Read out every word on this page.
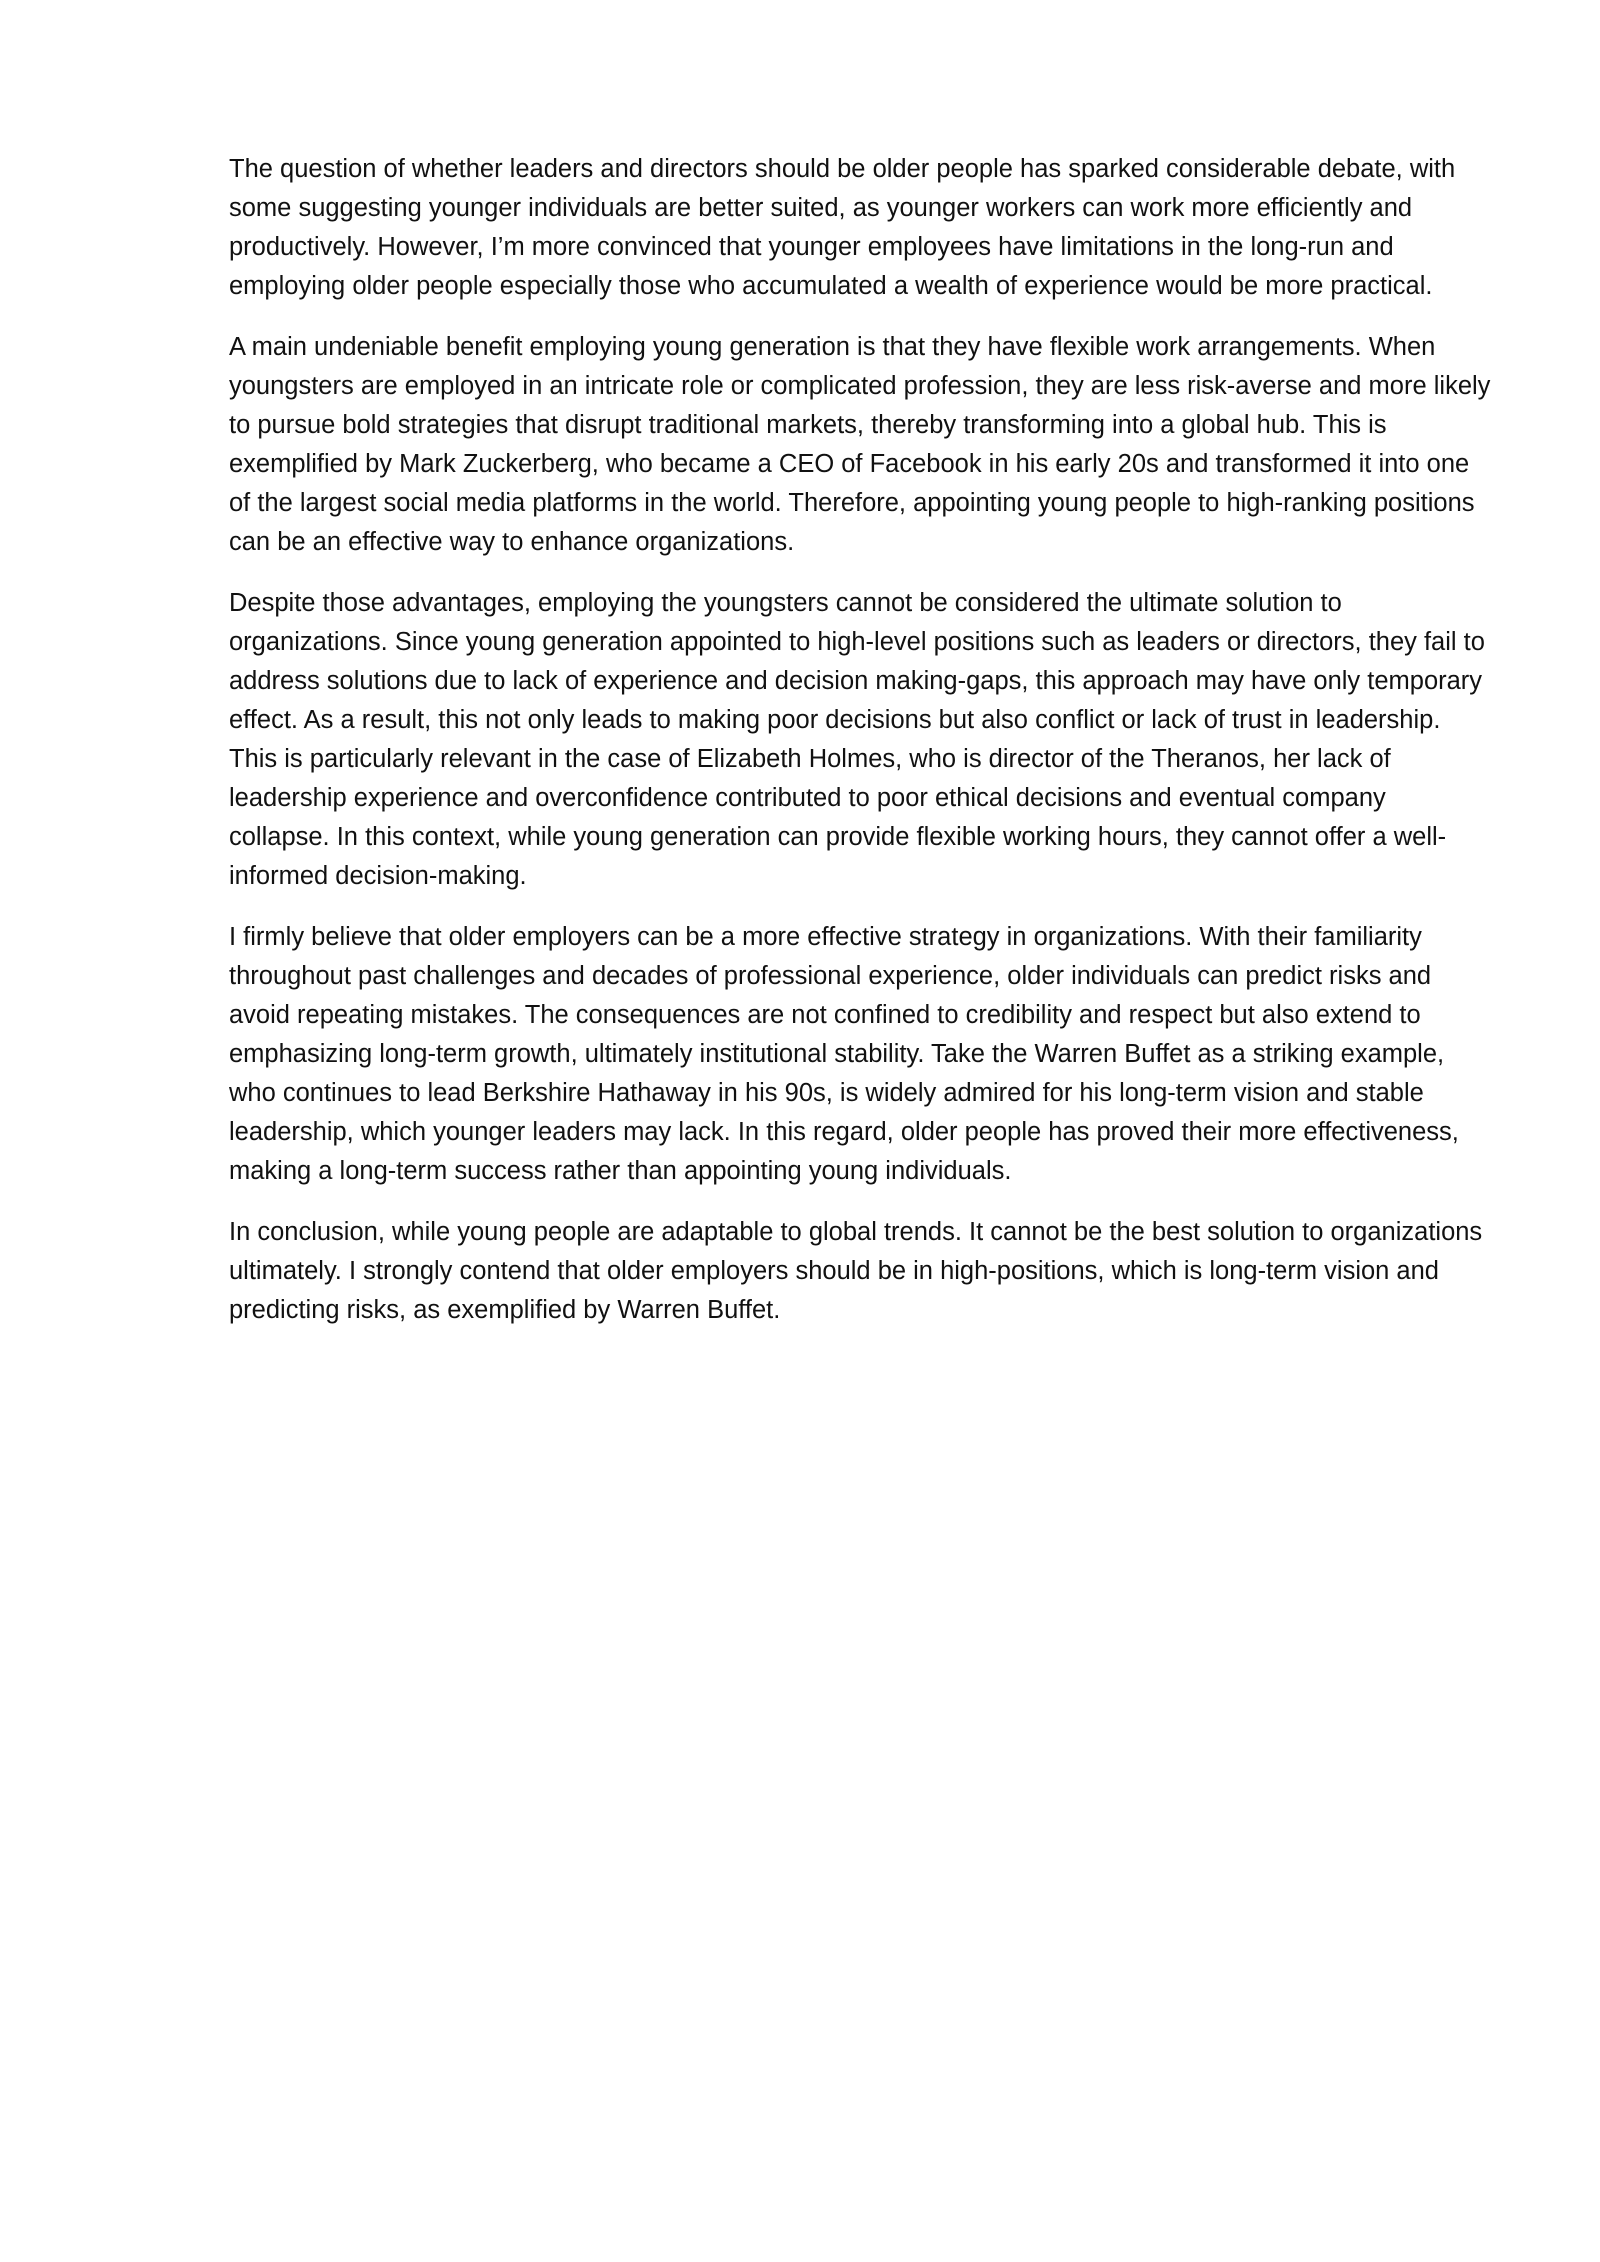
The question of whether leaders and directors should be older people has sparked considerable debate, with some suggesting younger individuals are better suited, as younger workers can work more efficiently and productively. However, I’m more convinced that younger employees have limitations in the long-run and employing older people especially those who accumulated a wealth of experience would be more practical.

A main undeniable benefit employing young generation is that they have flexible work arrangements. When youngsters are employed in an intricate role or complicated profession, they are less risk-averse and more likely to pursue bold strategies that disrupt traditional markets, thereby transforming into a global hub. This is exemplified by Mark Zuckerberg, who became a CEO of Facebook in his early 20s and transformed it into one of the largest social media platforms in the world. Therefore, appointing young people to high-ranking positions can be an effective way to enhance organizations.

Despite those advantages, employing the youngsters cannot be considered the ultimate solution to organizations. Since young generation appointed to high-level positions such as leaders or directors, they fail to address solutions due to lack of experience and decision making-gaps, this approach may have only temporary effect. As a result, this not only leads to making poor decisions but also conflict or lack of trust in leadership. This is particularly relevant in the case of Elizabeth Holmes, who is director of the Theranos, her lack of leadership experience and overconfidence contributed to poor ethical decisions and eventual company collapse. In this context, while young generation can provide flexible working hours, they cannot offer a well-informed decision-making.

I firmly believe that older employers can be a more effective strategy in organizations. With their familiarity throughout past challenges and decades of professional experience, older individuals can predict risks and avoid repeating mistakes. The consequences are not confined to credibility and respect but also extend to emphasizing long-term growth, ultimately institutional stability. Take the Warren Buffet as a striking example, who continues to lead Berkshire Hathaway in his 90s, is widely admired for his long-term vision and stable leadership, which younger leaders may lack. In this regard, older people has proved their more effectiveness, making a long-term success rather than appointing young individuals.

In conclusion, while young people are adaptable to global trends. It cannot be the best solution to organizations ultimately. I strongly contend that older employers should be in high-positions, which is long-term vision and predicting risks, as exemplified by Warren Buffet.
